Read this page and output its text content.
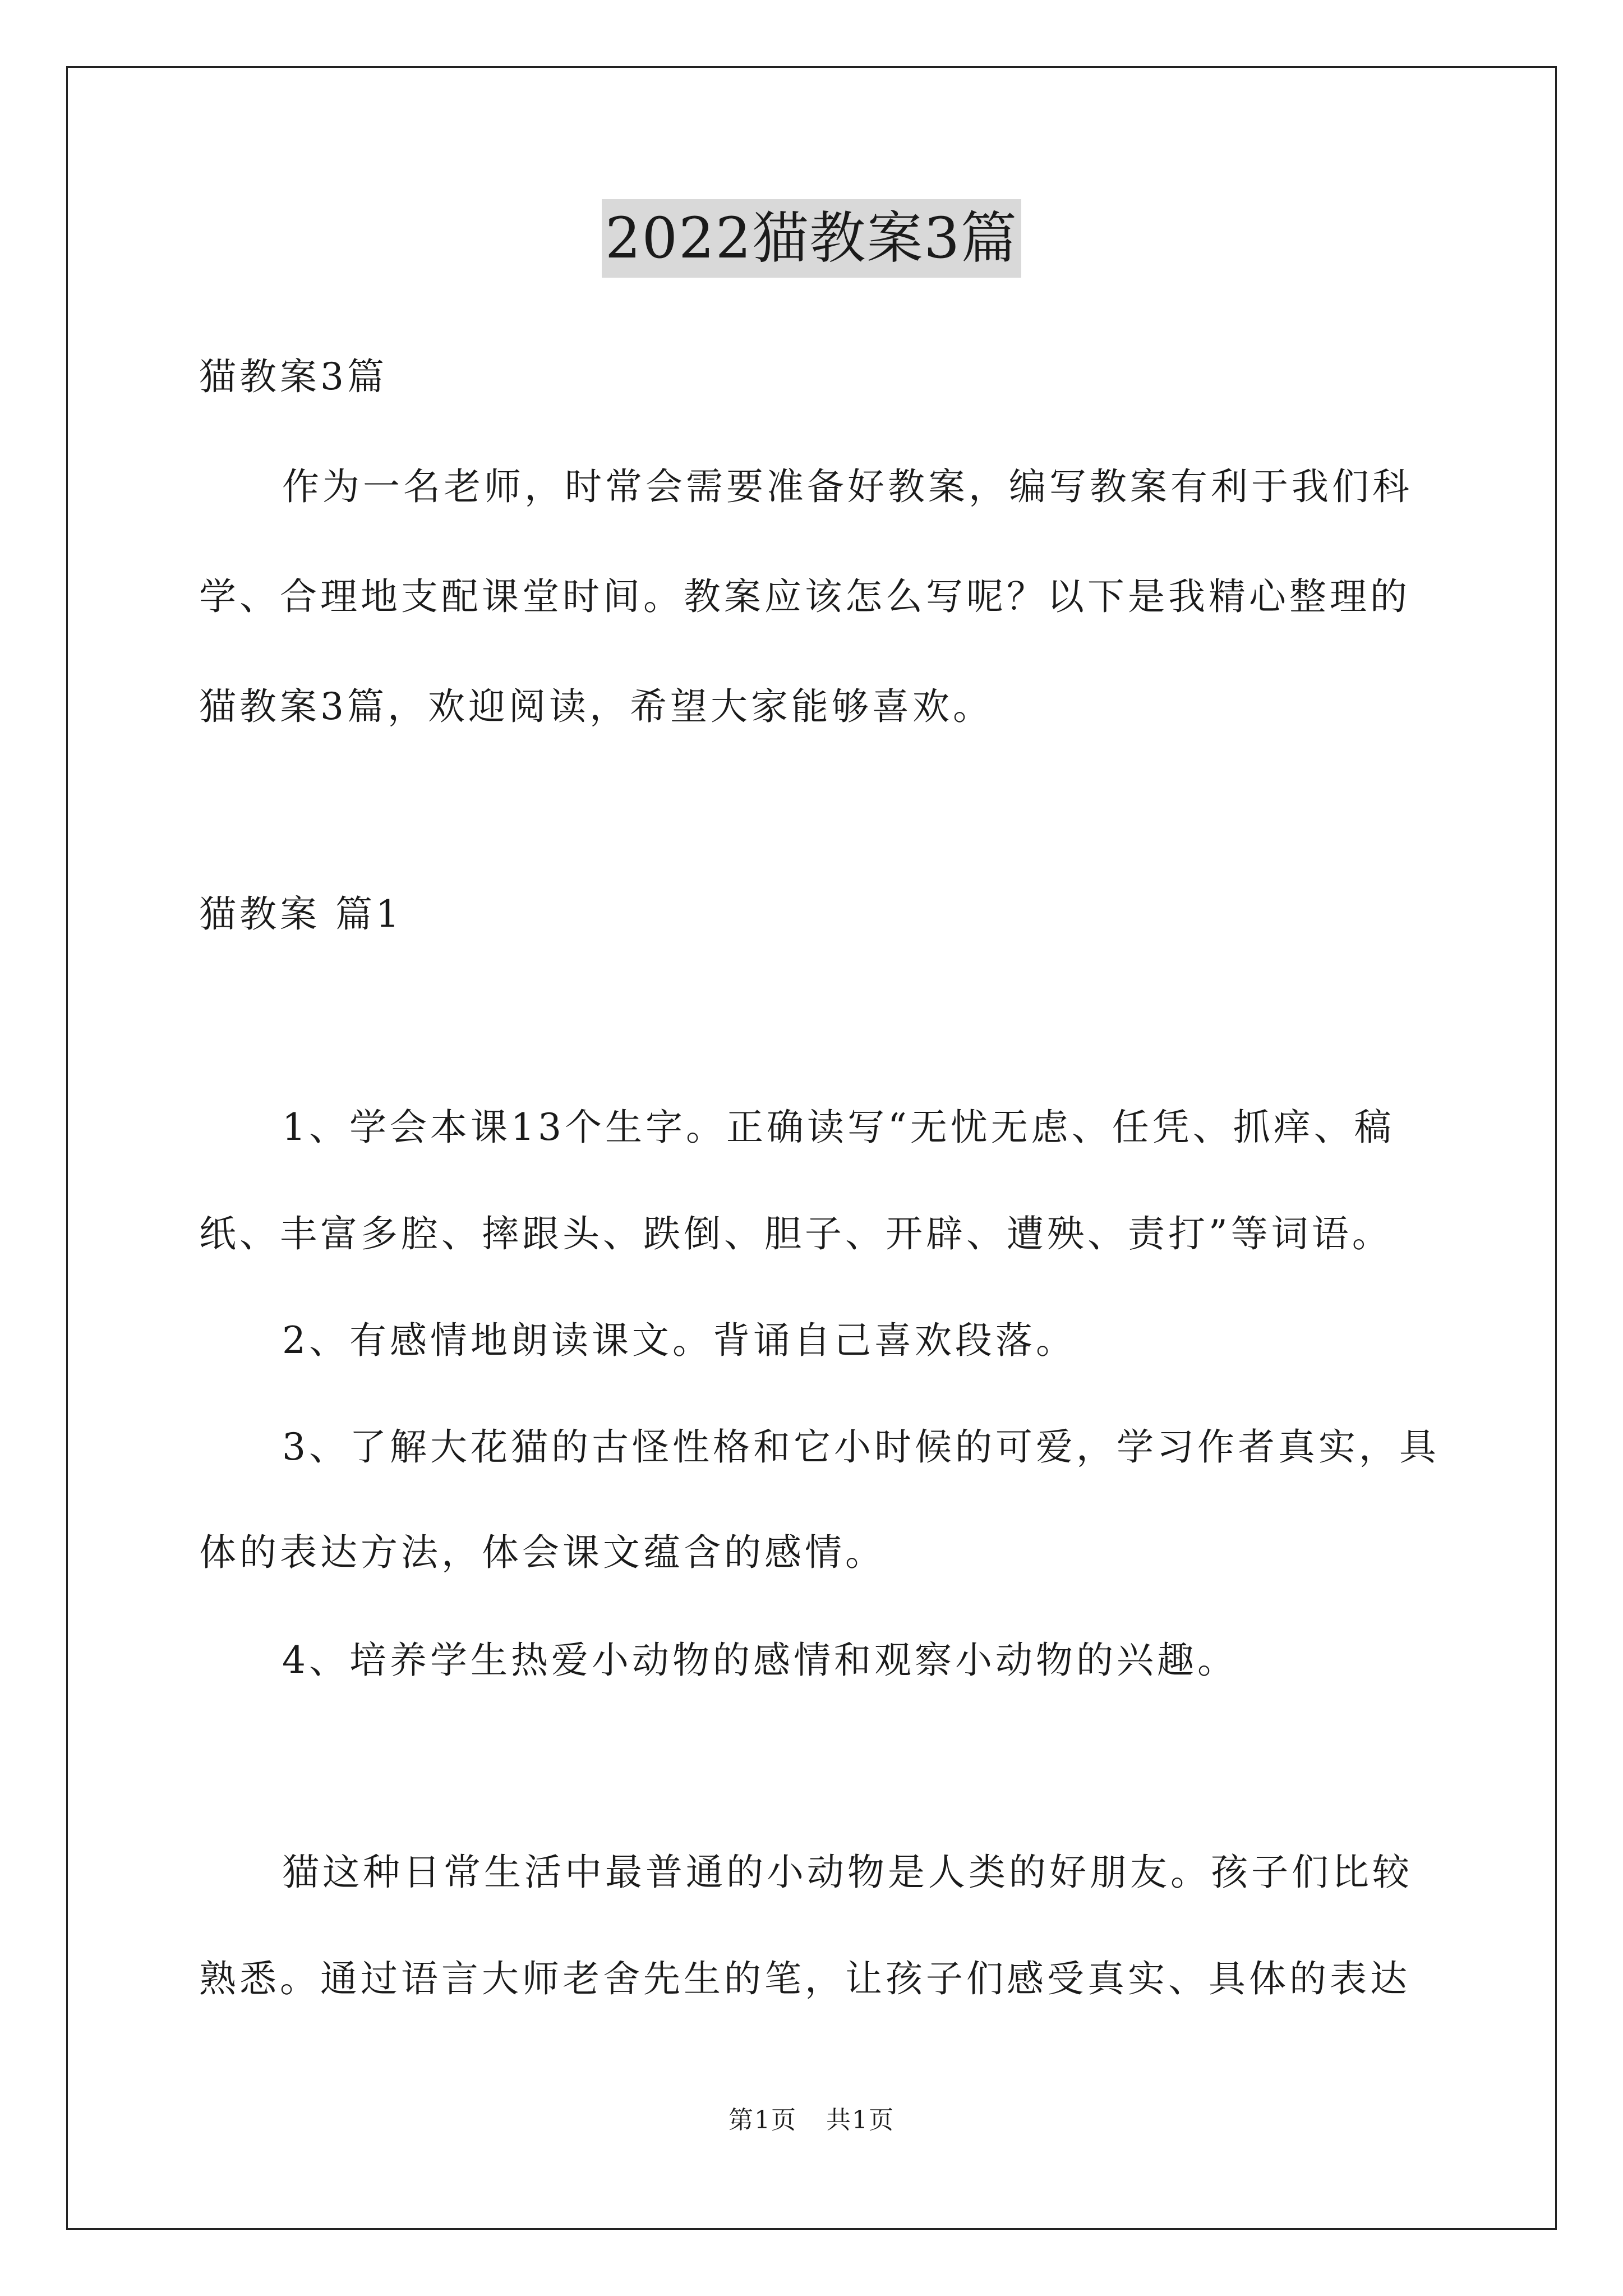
2022猫教案3篇
猫教案3篇
作为一名老师，时常会需要准备好教案，编写教案有利于我们科
学、合理地支配课堂时间。教案应该怎么写呢？以下是我精心整理的
猫教案3篇，欢迎阅读，希望大家能够喜欢。
猫教案 篇1
1、学会本课13个生字。正确读写“无忧无虑、任凭、抓痒、稿
纸、丰富多腔、摔跟头、跌倒、胆子、开辟、遭殃、责打”等词语。
2、有感情地朗读课文。背诵自己喜欢段落。
3、了解大花猫的古怪性格和它小时候的可爱，学习作者真实，具
体的表达方法，体会课文蕴含的感情。
4、培养学生热爱小动物的感情和观察小动物的兴趣。
猫这种日常生活中最普通的小动物是人类的好朋友。孩子们比较
熟悉。通过语言大师老舍先生的笔，让孩子们感受真实、具体的表达
第1页 共1页
